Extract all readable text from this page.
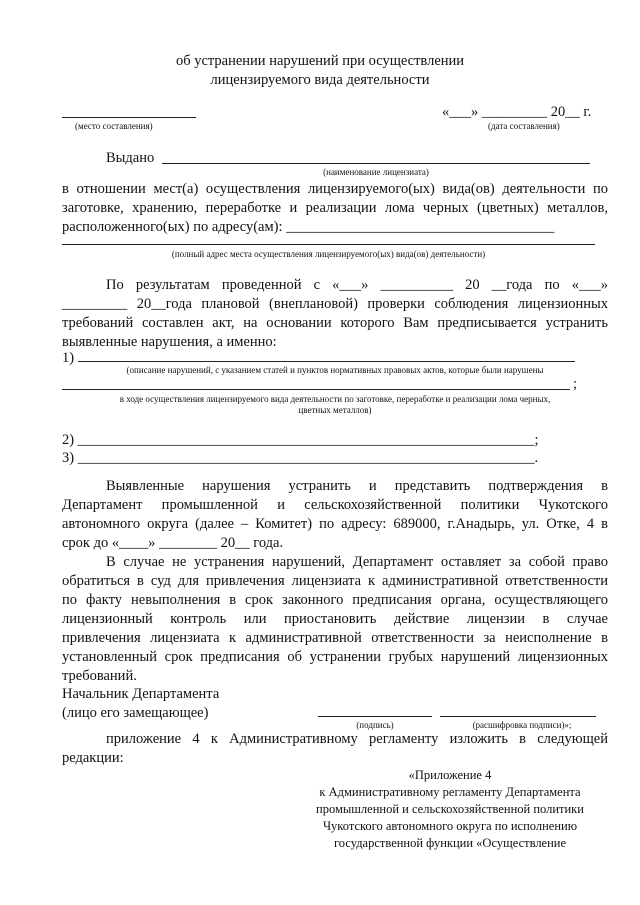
об устранении нарушений при осуществлении
лицензируемого вида деятельности
«___» _________ 20__ г.
(место составления)	(дата составления)
Выдано
(наименование лицензиата)
в отношении мест(а) осуществления лицензируемого(ых) вида(ов) деятельности по
заготовке, хранению, переработке и реализации лома черных (цветных) металлов,
расположенного(ых) по адресу(ам): _____________________________________
(полный адрес места осуществления лицензируемого(ых) вида(ов) деятельности)
По результатам проведенной с «___» __________ 20 __года по «___»
_________ 20__года плановой (внеплановой) проверки соблюдения лицензионных
требований составлен акт, на основании которого Вам предписывается устранить
выявленные нарушения, а именно:
1)
(описание нарушений, с указанием статей и пунктов нормативных правовых актов, которые были нарушены
;
в ходе осуществления лицензируемого вида деятельности по заготовке, переработке и реализации лома черных,
цветных металлов)
2) _______________________________________________________________;
3) _______________________________________________________________.
Выявленные нарушения устранить и представить подтверждения в
Департамент промышленной и сельскохозяйственной политики Чукотского
автономного округа (далее – Комитет) по адресу: 689000, г.Анадырь, ул. Отке, 4 в
срок до «____» ________ 20__ года.
В случае не устранения нарушений, Департамент оставляет за собой право
обратиться в суд для привлечения лицензиата к административной ответственности
по факту невыполнения в срок законного предписания органа, осуществляющего
лицензионный контроль или приостановить действие лицензии в случае
привлечения лицензиата к административной ответственности за неисполнение в
установленный срок предписания об устранении грубых нарушений лицензионных
требований.
Начальник Департамента
(лицо его замещающее)
(подпись)	(расшифровка подписи)»;
приложение 4 к Административному регламенту изложить в следующей
редакции:
«Приложение 4
к Административному регламенту Департамента
промышленной и сельскохозяйственной политики
Чукотского автономного округа по исполнению
государственной функции «Осуществление
